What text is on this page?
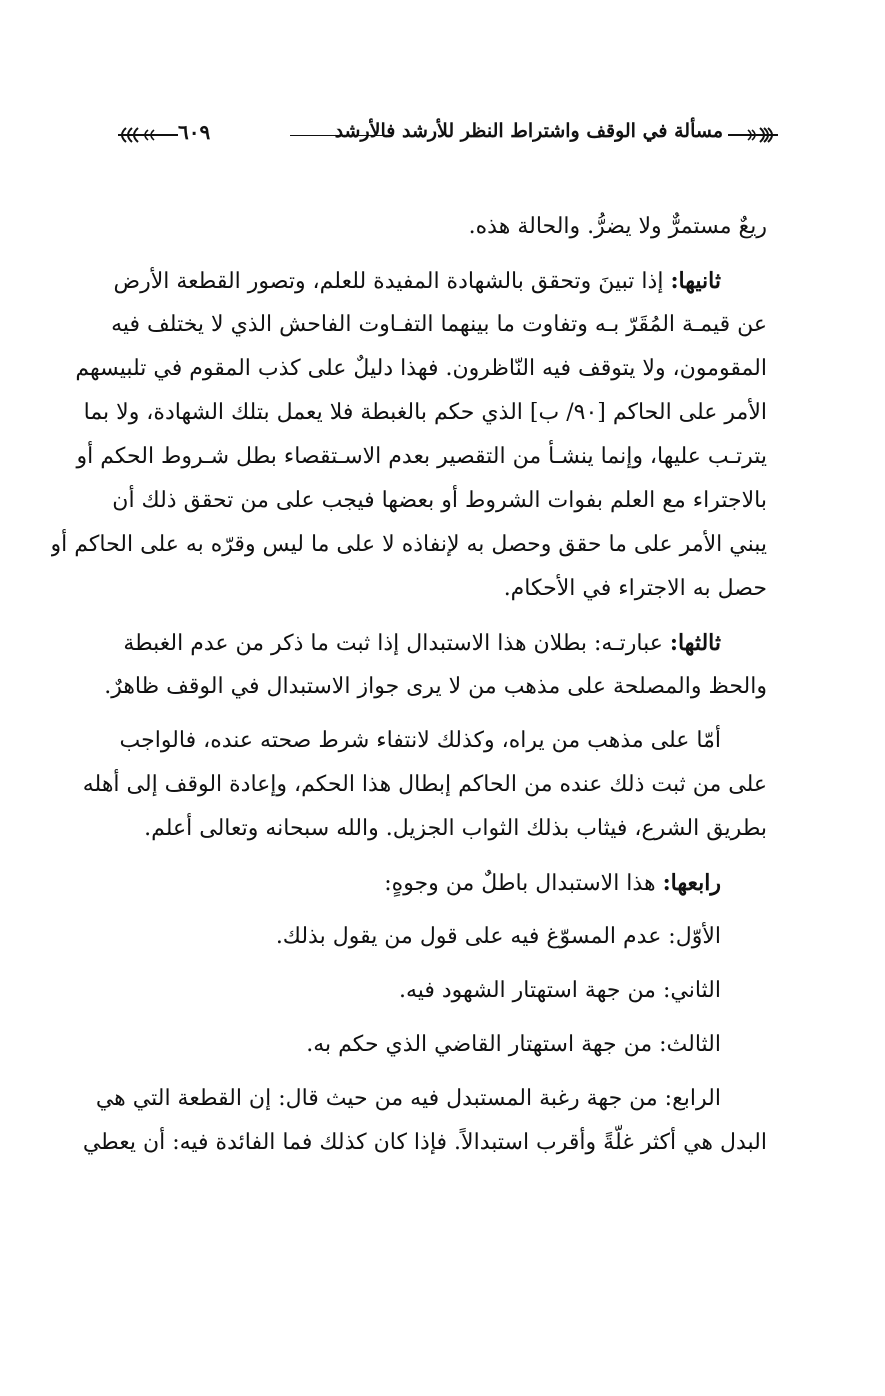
مسألة في الوقف واشتراط النظر للأرشد فالأرشد
٦٠٩
ريعٌ مستمرٌّ ولا يضرُّ. والحالة هذه.
ثانيها: إذا تبينَ وتحقق بالشهادة المفيدة للعلم، وتصور القطعة الأرض
عن قيمـة المُقَرّ بـه وتفاوت ما بينهما التفـاوت الفاحش الذي لا يختلف فيه
المقومون، ولا يتوقف فيه النّاظرون. فهذا دليلٌ على كذب المقوم في تلبيسهم
الأمر على الحاكم [٩٠/ ب] الذي حكم بالغبطة فلا يعمل بتلك الشهادة، ولا بما
يترتـب عليها، وإنما ينشـأ من التقصير بعدم الاسـتقصاء بطل شـروط الحكم أو
بالاجتراء مع العلم بفوات الشروط أو بعضها فيجب على من تحقق ذلك أن
يبني الأمر على ما حقق وحصل به لإنفاذه لا على ما ليس وقرّه به على الحاكم أو
حصل به الاجتراء في الأحكام.
ثالثها: عبارتـه: بطلان هذا الاستبدال إذا ثبت ما ذكر من عدم الغبطة
والحظ والمصلحة على مذهب من لا يرى جواز الاستبدال في الوقف ظاهرٌ.
أمّا على مذهب من يراه، وكذلك لانتفاء شرط صحته عنده، فالواجب
على من ثبت ذلك عنده من الحاكم إبطال هذا الحكم، وإعادة الوقف إلى أهله
بطريق الشرع، فيثاب بذلك الثواب الجزيل. والله سبحانه وتعالى أعلم.
رابعها: هذا الاستبدال باطلٌ من وجوهٍ:
الأوّل: عدم المسوّغ فيه على قول من يقول بذلك.
الثاني: من جهة استهتار الشهود فيه.
الثالث: من جهة استهتار القاضي الذي حكم به.
الرابع: من جهة رغبة المستبدل فيه من حيث قال: إن القطعة التي هي
البدل هي أكثر غلّةً وأقرب استبدالاً. فإذا كان كذلك فما الفائدة فيه: أن يعطي
